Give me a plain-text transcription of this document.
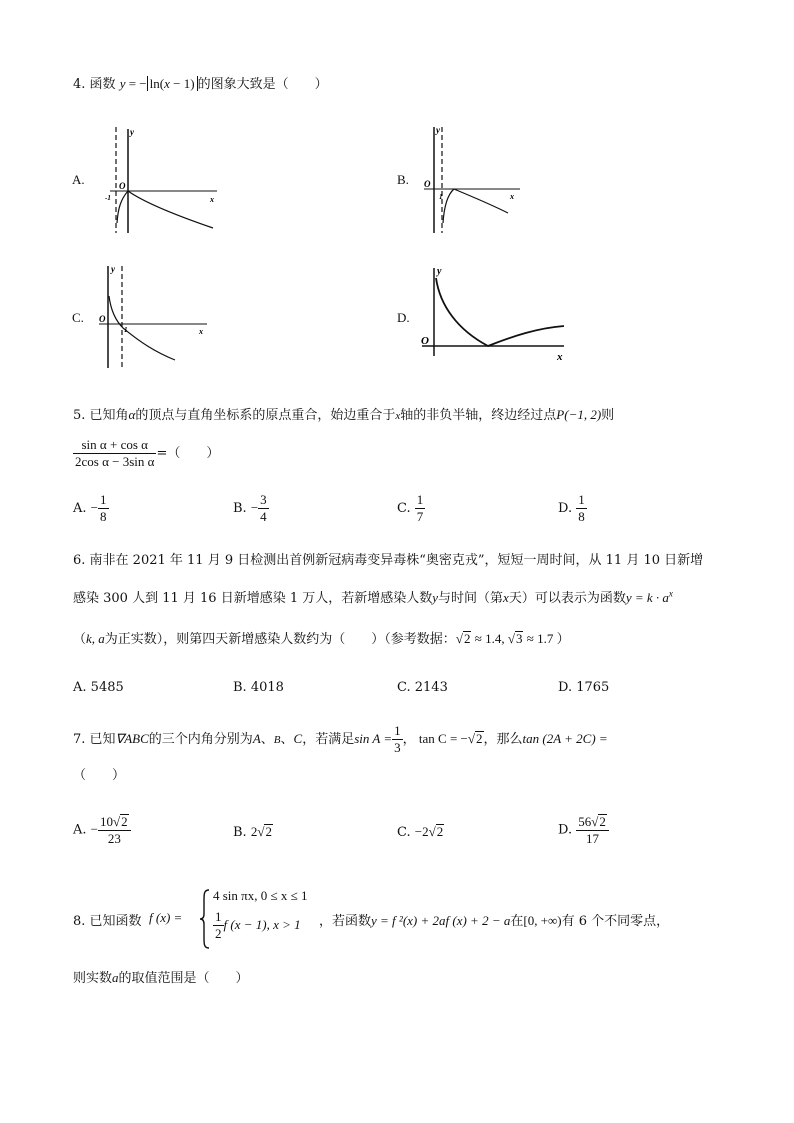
4. 函数 y = − ln(x − 1) 的图象大致是（　　）
A.
y
O
x
-1
B.
y
O
x
1
C.
y
O
x
1
D.
y
O
x
5. 已知角α的顶点与直角坐标系的原点重合，始边重合于x轴的非负半轴，终边经过点P(−1, 2)则
$\frac{\text{sin α + cos α}}{\text{2cos α − 3sin α}}$ =（　　）
A. − $\frac{1}{8}$	B. − $\frac{3}{4}$	C. $\frac{1}{7}$	D. $\frac{1}{8}$
6. 南非在 2021 年 11 月 9 日检测出首例新冠病毒变异毒株“奥密克戎”，短短一周时间，从 11 月 10 日新增
感染 300 人到 11 月 16 日新增感染 1 万人，若新增感染人数y与时间（第x天）可以表示为函数$y = k \cdot a^x$
（k, a为正实数），则第四天新增感染人数约为（　　）（参考数据：√2 ≈ 1.4, √3 ≈ 1.7 ）
A. 5485	B. 4018	C. 2143	D. 1765
7. 已知∇ABC的三个内角分别为A、B、C，若满足$\sin A = \frac{1}{3}$ ， tan C = −√2，那么tan (2A + 2C) =
（　　）
A. − $\frac{10√2}{23}$	B. 2√2	C. −2√2	D. $\frac{56√2}{17}$
8. 已知函数 f (x) =
4 sin πx, 0 ≤ x ≤ 1
$\frac{1}{2}$ f (x − 1), x > 1 ，若函数y = f ²(x) + 2af (x) + 2 − a在[0, +∞)有 6 个不同零点，
则实数a的取值范围是（　　）
